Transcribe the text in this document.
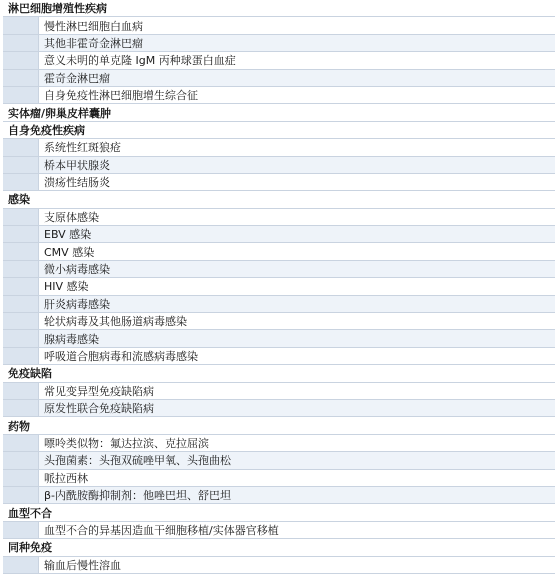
淋巴细胞增殖性疾病
慢性淋巴细胞白血病
其他非霍奇金淋巴瘤
意义未明的单克隆 IgM 丙种球蛋白血症
霍奇金淋巴瘤
自身免疫性淋巴细胞增生综合征
实体瘤/卵巢皮样囊肿
自身免疫性疾病
系统性红斑狼疮
桥本甲状腺炎
溃疡性结肠炎
感染
支原体感染
EBV 感染
CMV 感染
微小病毒感染
HIV 感染
肝炎病毒感染
轮状病毒及其他肠道病毒感染
腺病毒感染
呼吸道合胞病毒和流感病毒感染
免疫缺陷
常见变异型免疫缺陷病
原发性联合免疫缺陷病
药物
嘌呤类似物：氟达拉滨、克拉屈滨
头孢菌素：头孢双硫唑甲氧、头孢曲松
哌拉西林
β-内酰胺酶抑制剂：他唑巴坦、舒巴坦
血型不合
血型不合的异基因造血干细胞移植/实体器官移植
同种免疫
输血后慢性溶血
